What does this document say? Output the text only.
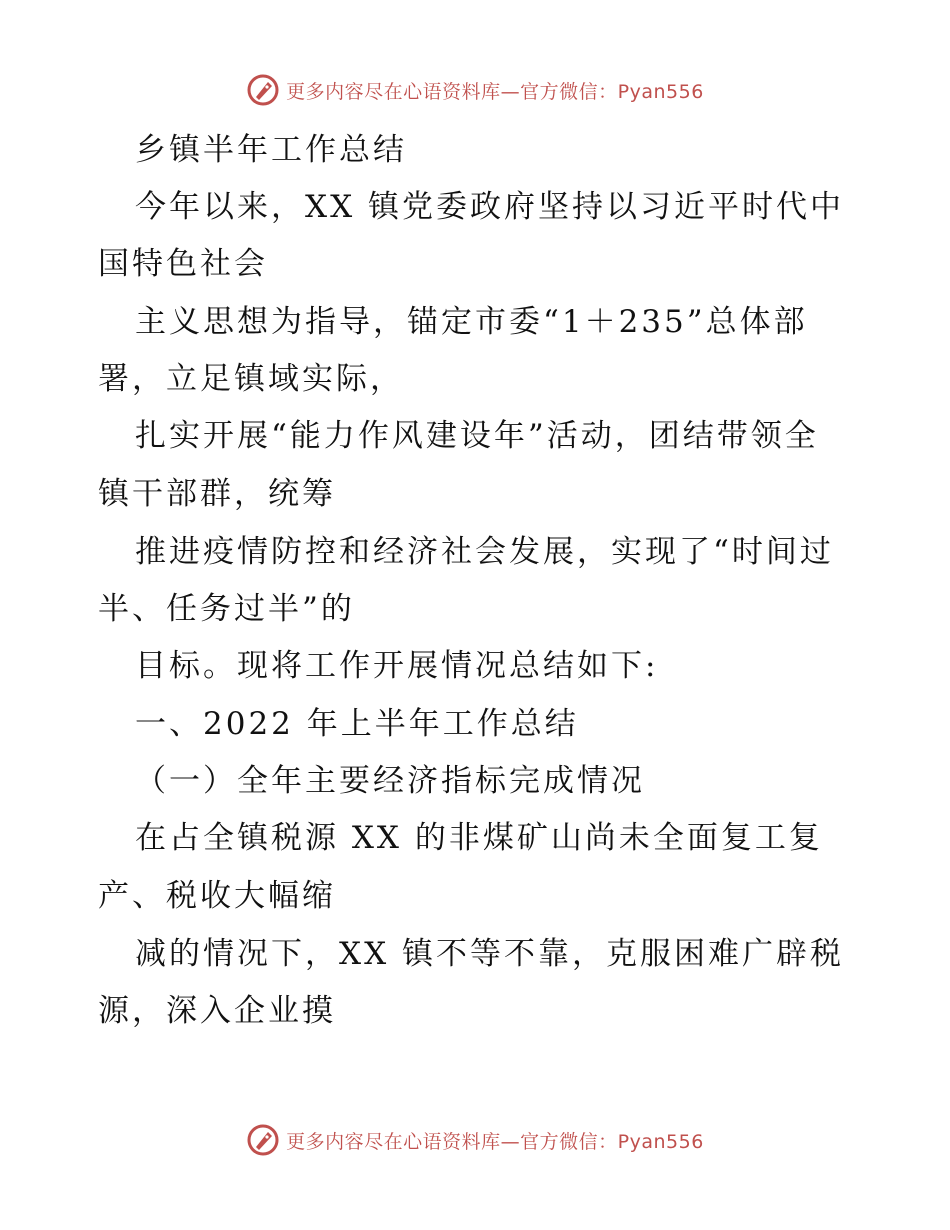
更多内容尽在心语资料库—官方微信：Pyan556
乡镇半年工作总结
今年以来，XX 镇党委政府坚持以习近平时代中
国特色社会
主义思想为指导，锚定市委“1＋235”总体部
署，立足镇域实际，
扎实开展“能力作风建设年”活动，团结带领全
镇干部群，统筹
推进疫情防控和经济社会发展，实现了“时间过
半、任务过半”的
目标。现将工作开展情况总结如下:
一、2022 年上半年工作总结
（一）全年主要经济指标完成情况
在占全镇税源 XX 的非煤矿山尚未全面复工复
产、税收大幅缩
减的情况下，XX 镇不等不靠，克服困难广辟税
源，深入企业摸
更多内容尽在心语资料库—官方微信：Pyan556
